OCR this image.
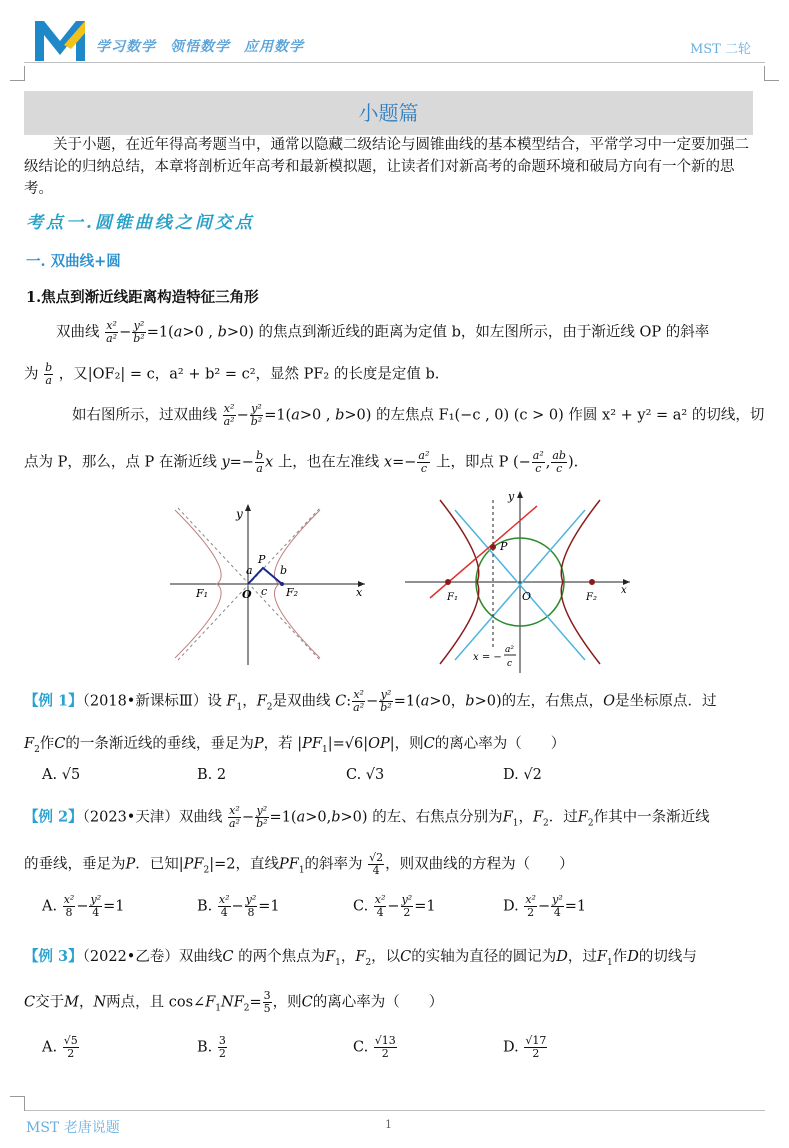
学习数学 领悟数学 应用数学	MST 二轮
小题篇
关于小题，在近年得高考题当中，通常以隐藏二级结论与圆锥曲线的基本模型结合，平常学习中一定要加强二级结论的归纳总结，本章将剖析近年高考和最新模拟题，让读者们对新高考的命题环境和破局方向有一个新的思考。
考点一.圆锥曲线之间交点
一. 双曲线+圆
1.焦点到渐近线距离构造特征三角形
双曲线 $\frac{\text{x²}}{\text{a²}} - \frac{\text{y²}}{\text{b²}} =1(a>0$ , b>0) 的焦点到渐近线的距离为定值 b，如左图所示，由于渐近线 OP 的斜率
为 $\frac{b}{a}$ ，又|OF₂| = c，a² + b² = c²，显然 PF₂ 的长度是定值 b.
如右图所示，过双曲线 $\frac{\text{x²}}{\text{a²}} - \frac{\text{y²}}{\text{b²}} =1(a>0$ , b>0) 的左焦点 F₁(−c , 0) (c > 0) 作圆 x² + y² = a² 的切线，切
点为 P，那么，点 P 在渐近线 $y=- \frac{b}{a}$ x 上，也在左准线 $x=- \frac{\text{a²}}{c}$ 上，即点 P (− $\frac{\text{a²}}{c}$ , $\frac{ab}{c}$ ).
y
P
a b
O c
F₁	F₂	x
y
P
F₁	O	F₂
x
x = −
a²
c
【例 1】（2018•新课标Ⅲ）设 $F_1$，$F_2$是双曲线 C: $\frac{\text{x²}}{\text{a²}} - \frac{\text{y²}}{\text{b²}} =1(a>0$，b>0)的左，右焦点，O是坐标原点．过
$F_2$作C的一条渐近线的垂线，垂足为P，若 $|PF_1|=√6|OP|$，则C的离心率为（　　）
A. √5	B. 2	C. √3	D. √2
【例 2】（2023•天津）双曲线 $\frac{\text{x²}}{\text{a²}} - \frac{\text{y²}}{\text{b²}} =1(a>0,b>0)$ 的左、右焦点分别为$F_1$，$F_2$．过$F_2$作其中一条渐近线
的垂线，垂足为P．已知$|PF_2|=2$，直线$PF_1$的斜率为 $\frac{√2}{4}$ ，则双曲线的方程为（　　）
A. $\frac{\text{x²}}{8} - \frac{\text{y²}}{4} =1$	B. $\frac{\text{x²}}{4} - \frac{\text{y²}}{8} =1$	C. $\frac{\text{x²}}{4} - \frac{\text{y²}}{2} =1$	D. $\frac{\text{x²}}{2} - \frac{\text{y²}}{4} =1$
【例 3】（2022•乙卷）双曲线C 的两个焦点为$F_1$，$F_2$，以C的实轴为直径的圆记为D，过$F_1$作D的切线与
C交于M，N两点，且 $\cos\angle F_1NF_2= \frac{3}{5}$ ，则C的离心率为（　　）
A. $\frac{√5}{2}$	B. $\frac{3}{2}$	C. $\frac{√13}{2}$	D. $\frac{√17}{2}$
MST 老唐说题	1
